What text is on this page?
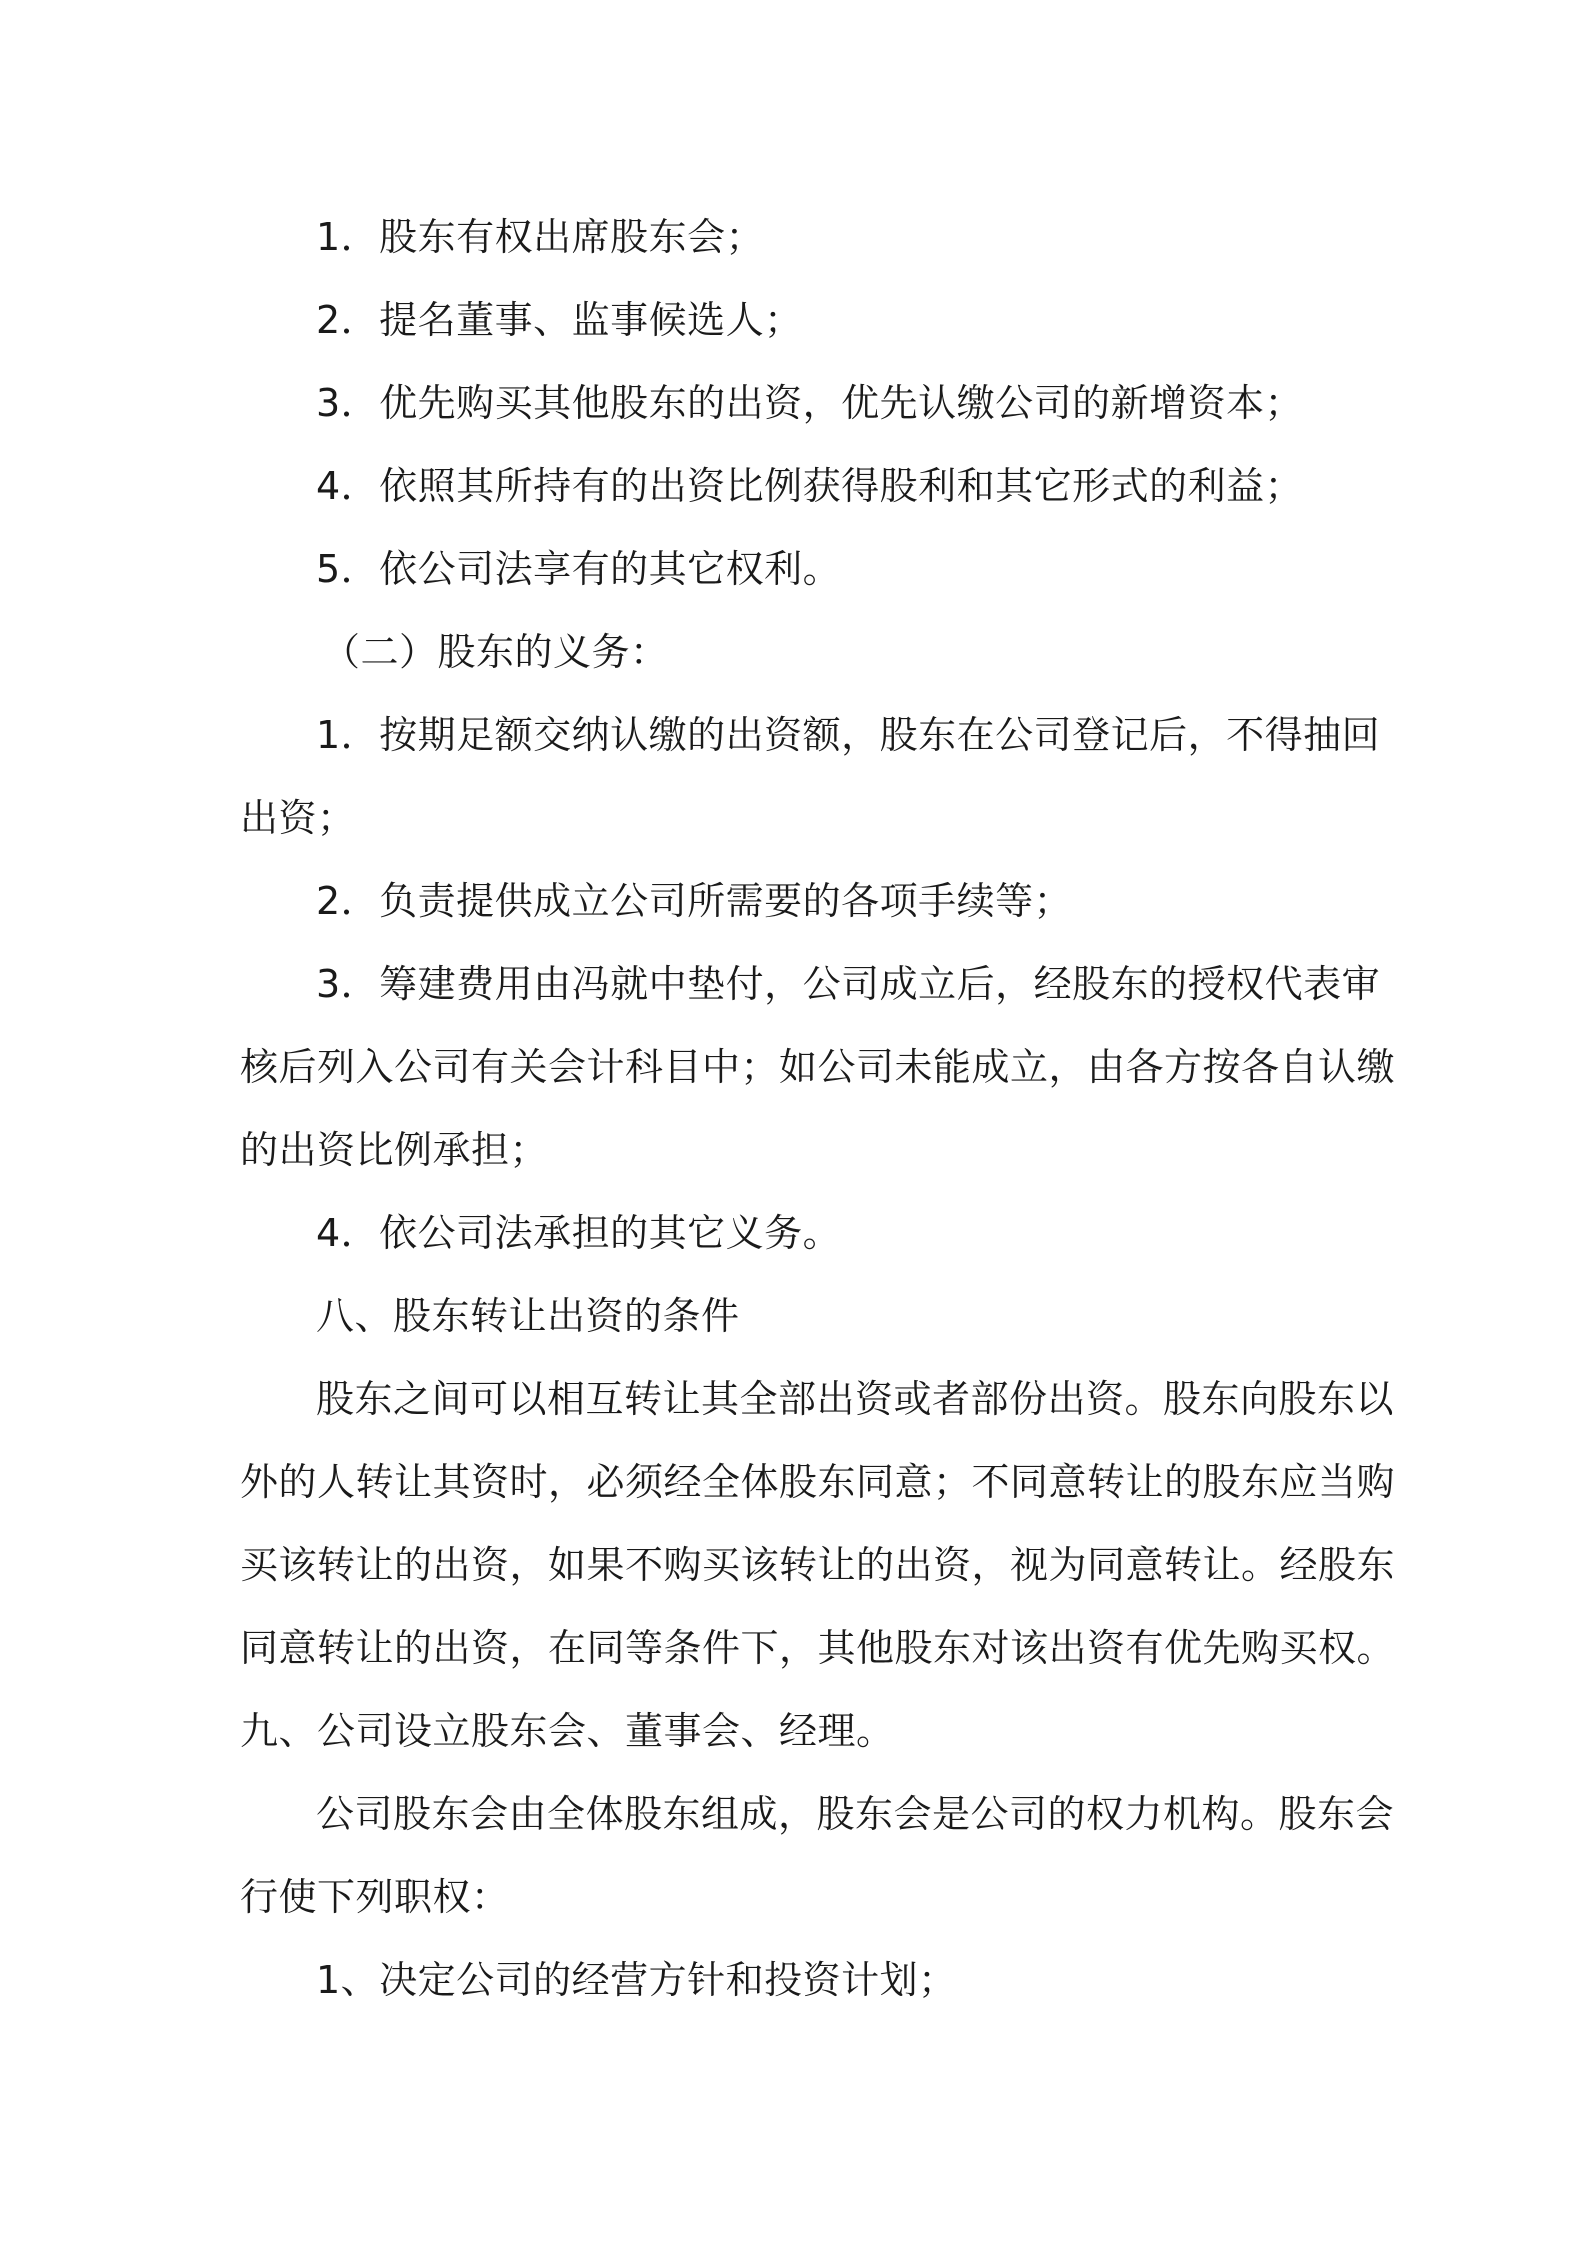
1．股东有权出席股东会；
2．提名董事、监事候选人；
3．优先购买其他股东的出资，优先认缴公司的新增资本；
4．依照其所持有的出资比例获得股利和其它形式的利益；
5．依公司法享有的其它权利。
（二）股东的义务：
1．按期足额交纳认缴的出资额，股东在公司登记后，不得抽回
出资；
2．负责提供成立公司所需要的各项手续等；
3．筹建费用由冯就中垫付，公司成立后，经股东的授权代表审
核后列入公司有关会计科目中；如公司未能成立，由各方按各自认缴
的出资比例承担；
4．依公司法承担的其它义务。
八、股东转让出资的条件
股东之间可以相互转让其全部出资或者部份出资。股东向股东以
外的人转让其资时，必须经全体股东同意；不同意转让的股东应当购
买该转让的出资，如果不购买该转让的出资，视为同意转让。经股东
同意转让的出资，在同等条件下，其他股东对该出资有优先购买权。
九、公司设立股东会、董事会、经理。
公司股东会由全体股东组成，股东会是公司的权力机构。股东会
行使下列职权：
1、决定公司的经营方针和投资计划；
